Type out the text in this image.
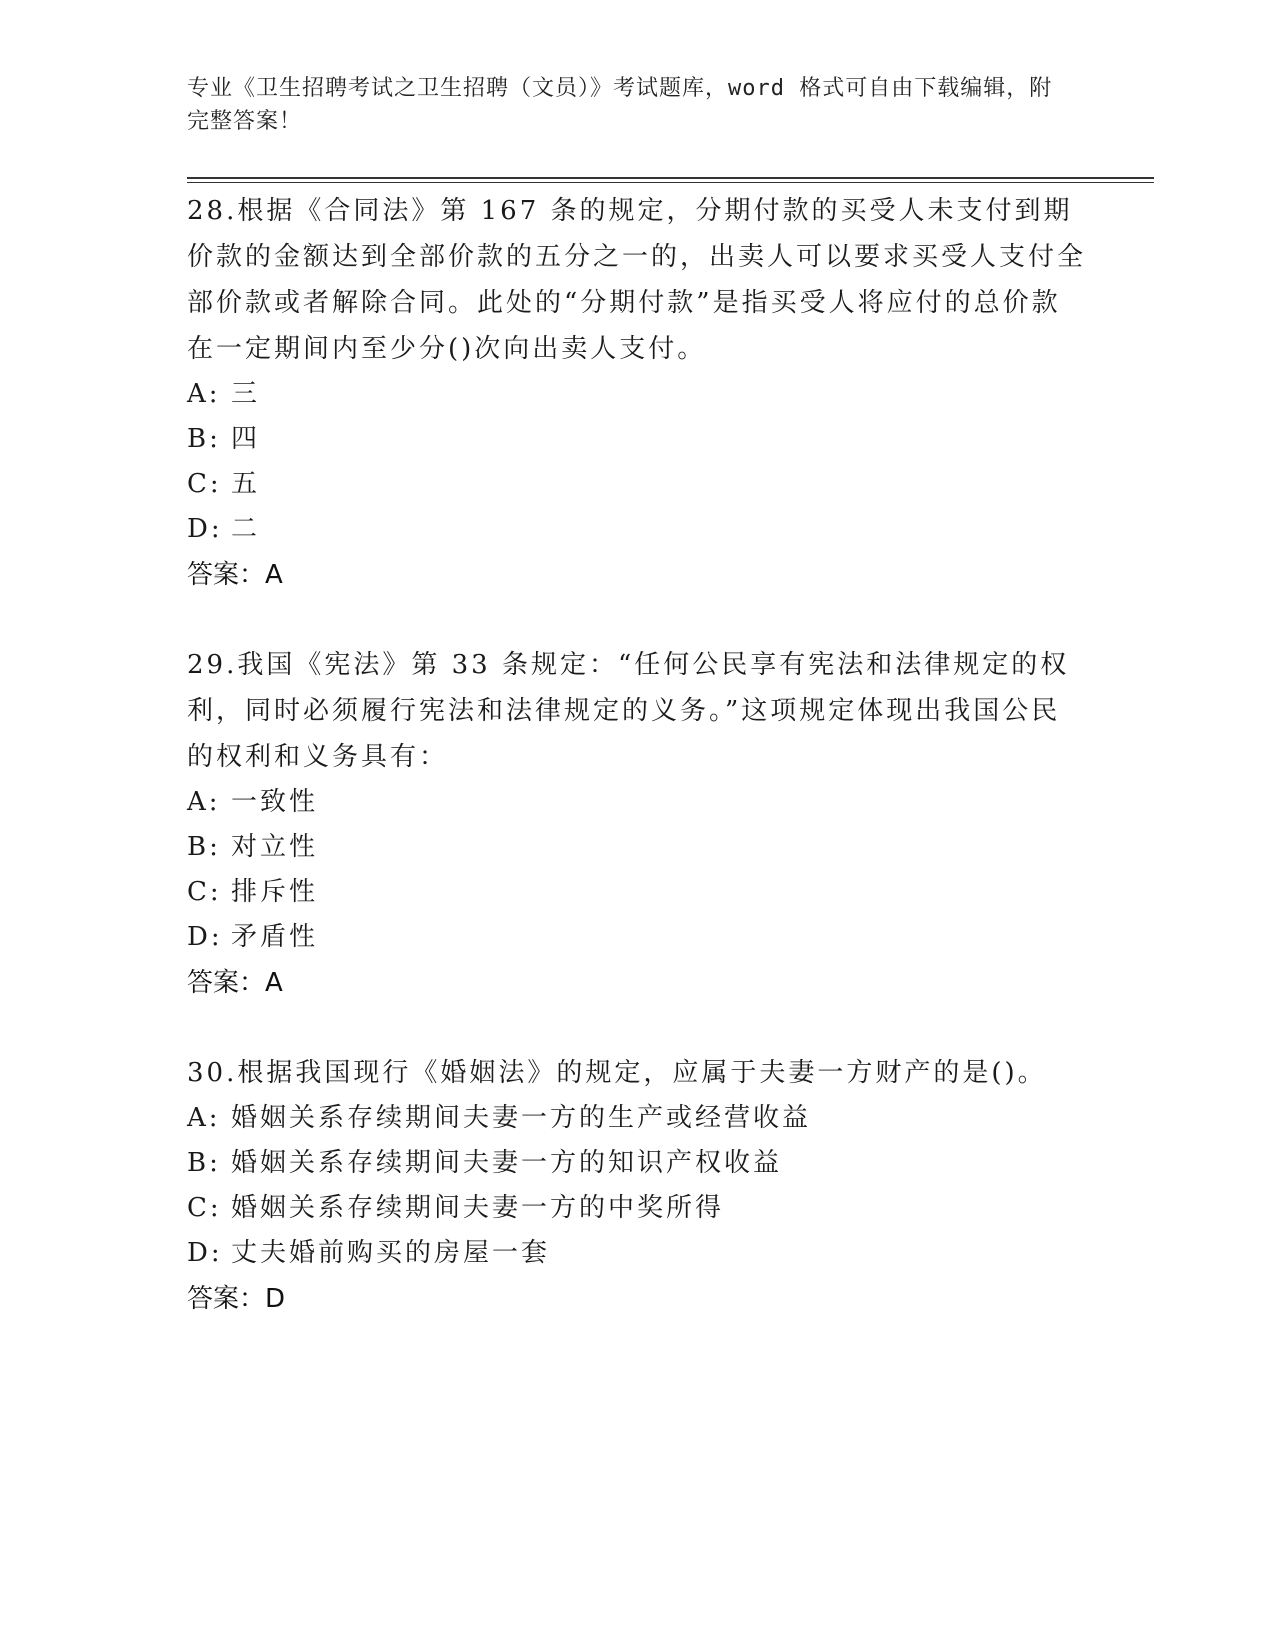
专业《卫生招聘考试之卫生招聘（文员）》考试题库，word 格式可自由下载编辑，附完整答案！

28.根据《合同法》第 167 条的规定，分期付款的买受人未支付到期价款的金额达到全部价款的五分之一的，出卖人可以要求买受人支付全部价款或者解除合同。此处的“分期付款”是指买受人将应付的总价款在一定期间内至少分()次向出卖人支付。

A: 三

B: 四

C: 五

D: 二

答案：A

29.我国《宪法》第 33 条规定：“任何公民享有宪法和法律规定的权利，同时必须履行宪法和法律规定的义务。”这项规定体现出我国公民的权利和义务具有：

A: 一致性

B: 对立性

C: 排斥性

D: 矛盾性

答案：A

30.根据我国现行《婚姻法》的规定，应属于夫妻一方财产的是()。

A: 婚姻关系存续期间夫妻一方的生产或经营收益

B: 婚姻关系存续期间夫妻一方的知识产权收益

C: 婚姻关系存续期间夫妻一方的中奖所得

D: 丈夫婚前购买的房屋一套

答案：D
